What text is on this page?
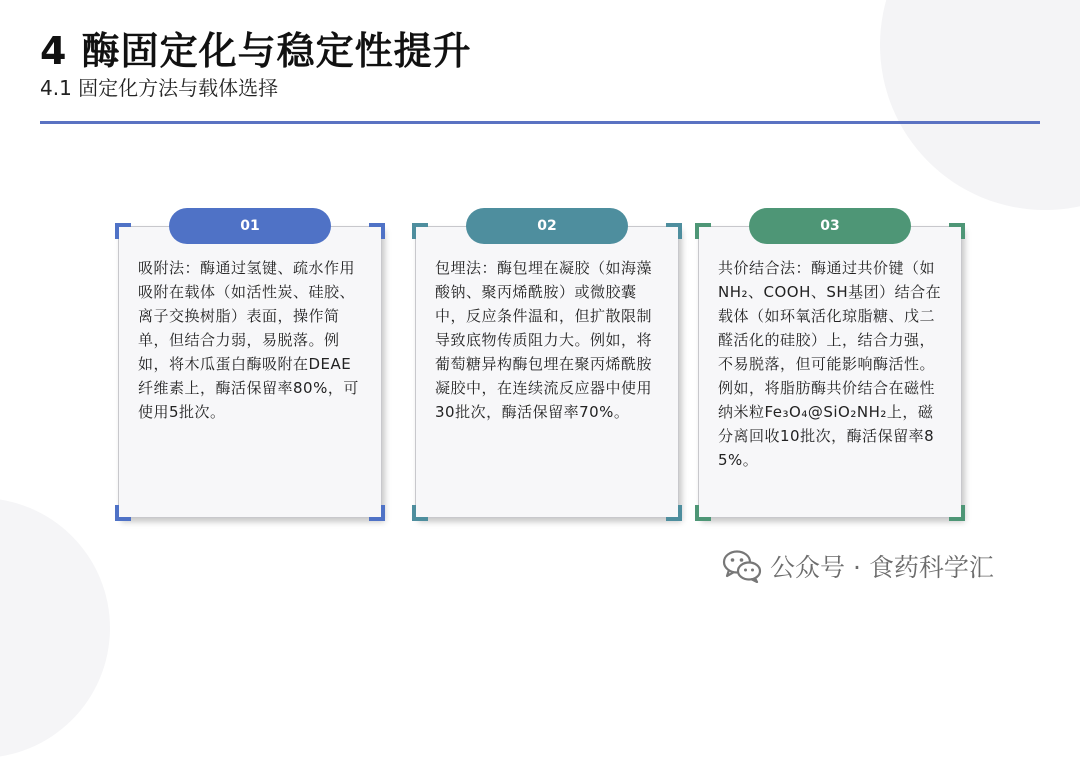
4 酶固定化与稳定性提升
4.1 固定化方法与载体选择
01
吸附法：酶通过氢键、疏水作用吸附在载体（如活性炭、硅胶、离子交换树脂）表面，操作简单，但结合力弱，易脱落。例如，将木瓜蛋白酶吸附在DEAE纤维素上，酶活保留率80%，可使用5批次。
02
包埋法：酶包埋在凝胶（如海藻酸钠、聚丙烯酰胺）或微胶囊中，反应条件温和，但扩散限制导致底物传质阻力大。例如，将葡萄糖异构酶包埋在聚丙烯酰胺凝胶中，在连续流反应器中使用30批次，酶活保留率70%。
03
共价结合法：酶通过共价键（如NH₂、COOH、SH基团）结合在载体（如环氧活化琼脂糖、戊二醛活化的硅胶）上，结合力强，不易脱落，但可能影响酶活性。例如，将脂肪酶共价结合在磁性纳米粒Fe₃O₄@SiO₂NH₂上，磁分离回收10批次，酶活保留率85%。
公众号 · 食药科学汇
